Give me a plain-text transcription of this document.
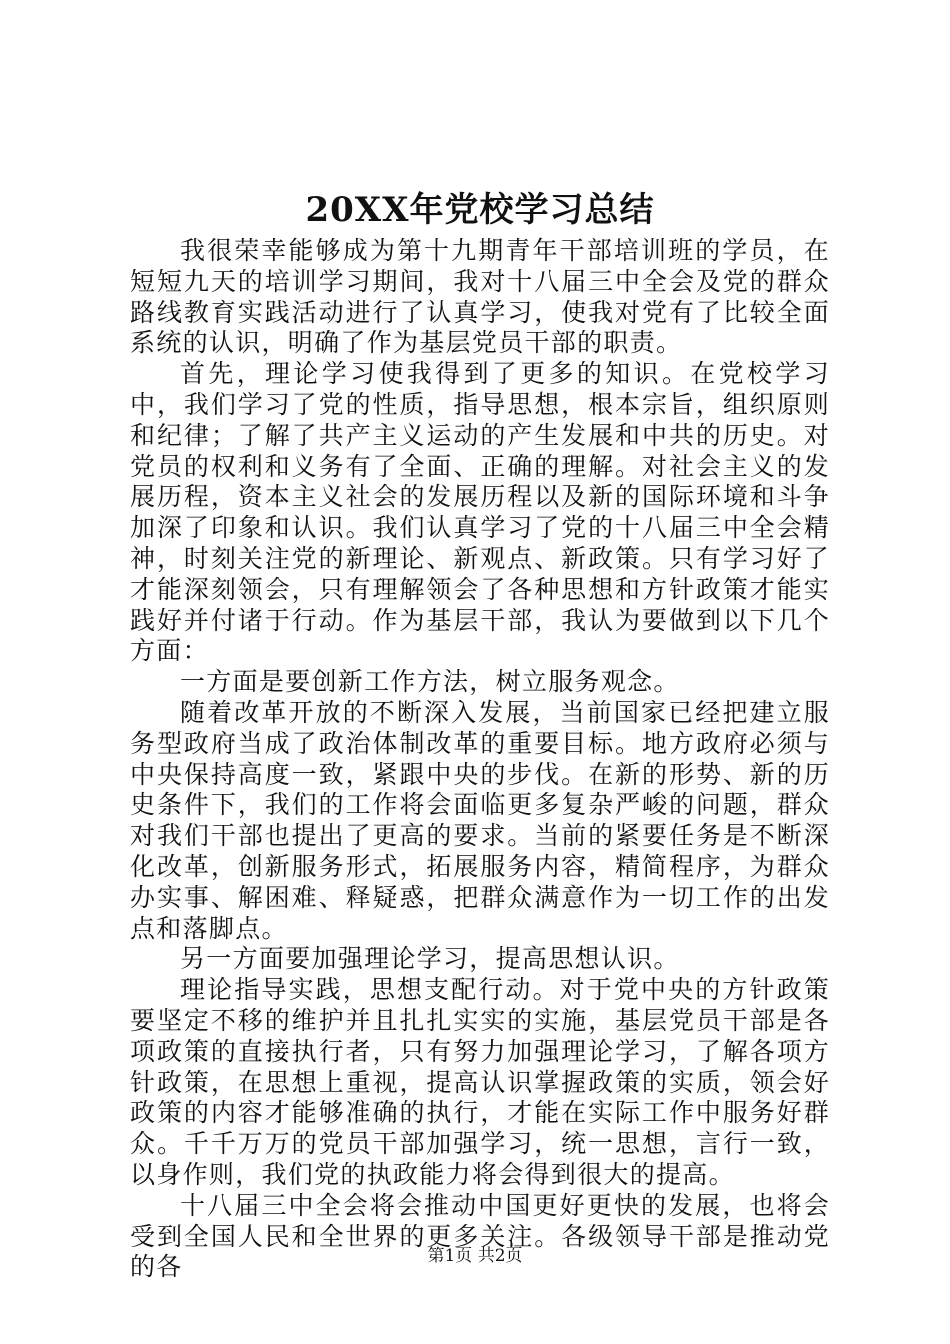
20XX年党校学习总结

我很荣幸能够成为第十九期青年干部培训班的学员，在短短九天的培训学习期间，我对十八届三中全会及党的群众路线教育实践活动进行了认真学习，使我对党有了比较全面系统的认识，明确了作为基层党员干部的职责。

首先，理论学习使我得到了更多的知识。在党校学习中，我们学习了党的性质，指导思想，根本宗旨，组织原则和纪律；了解了共产主义运动的产生发展和中共的历史。对党员的权利和义务有了全面、正确的理解。对社会主义的发展历程，资本主义社会的发展历程以及新的国际环境和斗争加深了印象和认识。我们认真学习了党的十八届三中全会精神，时刻关注党的新理论、新观点、新政策。只有学习好了才能深刻领会，只有理解领会了各种思想和方针政策才能实践好并付诸于行动。作为基层干部，我认为要做到以下几个方面：

一方面是要创新工作方法，树立服务观念。

随着改革开放的不断深入发展，当前国家已经把建立服务型政府当成了政治体制改革的重要目标。地方政府必须与中央保持高度一致，紧跟中央的步伐。在新的形势、新的历史条件下，我们的工作将会面临更多复杂严峻的问题，群众对我们干部也提出了更高的要求。当前的紧要任务是不断深化改革，创新服务形式，拓展服务内容，精简程序，为群众办实事、解困难、释疑惑，把群众满意作为一切工作的出发点和落脚点。

另一方面要加强理论学习，提高思想认识。

理论指导实践，思想支配行动。对于党中央的方针政策要坚定不移的维护并且扎扎实实的实施，基层党员干部是各项政策的直接执行者，只有努力加强理论学习，了解各项方针政策，在思想上重视，提高认识掌握政策的实质，领会好政策的内容才能够准确的执行，才能在实际工作中服务好群众。千千万万的党员干部加强学习，统一思想，言行一致，以身作则，我们党的执政能力将会得到很大的提高。

十八届三中全会将会推动中国更好更快的发展，也将会受到全国人民和全世界的更多关注。各级领导干部是推动党的各	第1页 共2页
